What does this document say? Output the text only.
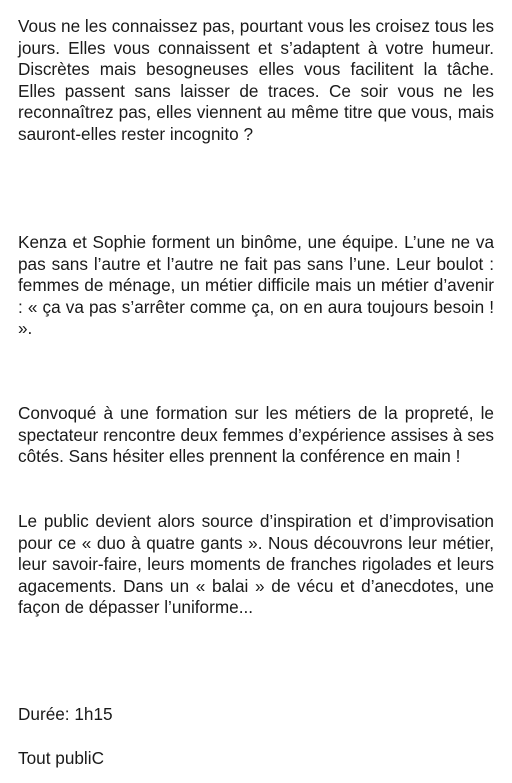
Vous ne les connaissez pas, pourtant vous les croisez tous les jours. Elles vous connaissent et s’adaptent à votre humeur. Discrètes mais besogneuses elles vous facilitent la tâche. Elles passent sans laisser de traces. Ce soir vous ne les reconnaîtrez pas, elles viennent au même titre que vous, mais sauront-elles rester incognito ?

Kenza et Sophie forment un binôme, une équipe. L’une ne va pas sans l’autre et l’autre ne fait pas sans l’une. Leur boulot : femmes de ménage, un métier difficile mais un métier d’avenir : « ça va pas s’arrêter comme ça, on en aura toujours besoin ! ».

Convoqué à une formation sur les métiers de la propreté, le spectateur rencontre deux femmes d’expérience assises à ses côtés. Sans hésiter elles prennent la conférence en main !

Le public devient alors source d’inspiration et d’improvisation pour ce « duo à quatre gants ». Nous découvrons leur métier, leur savoir-faire, leurs moments de franches rigolades et leurs agacements. Dans un « balai » de vécu et d’anecdotes, une façon de dépasser l’uniforme...

Durée: 1h15

Tout publiC
